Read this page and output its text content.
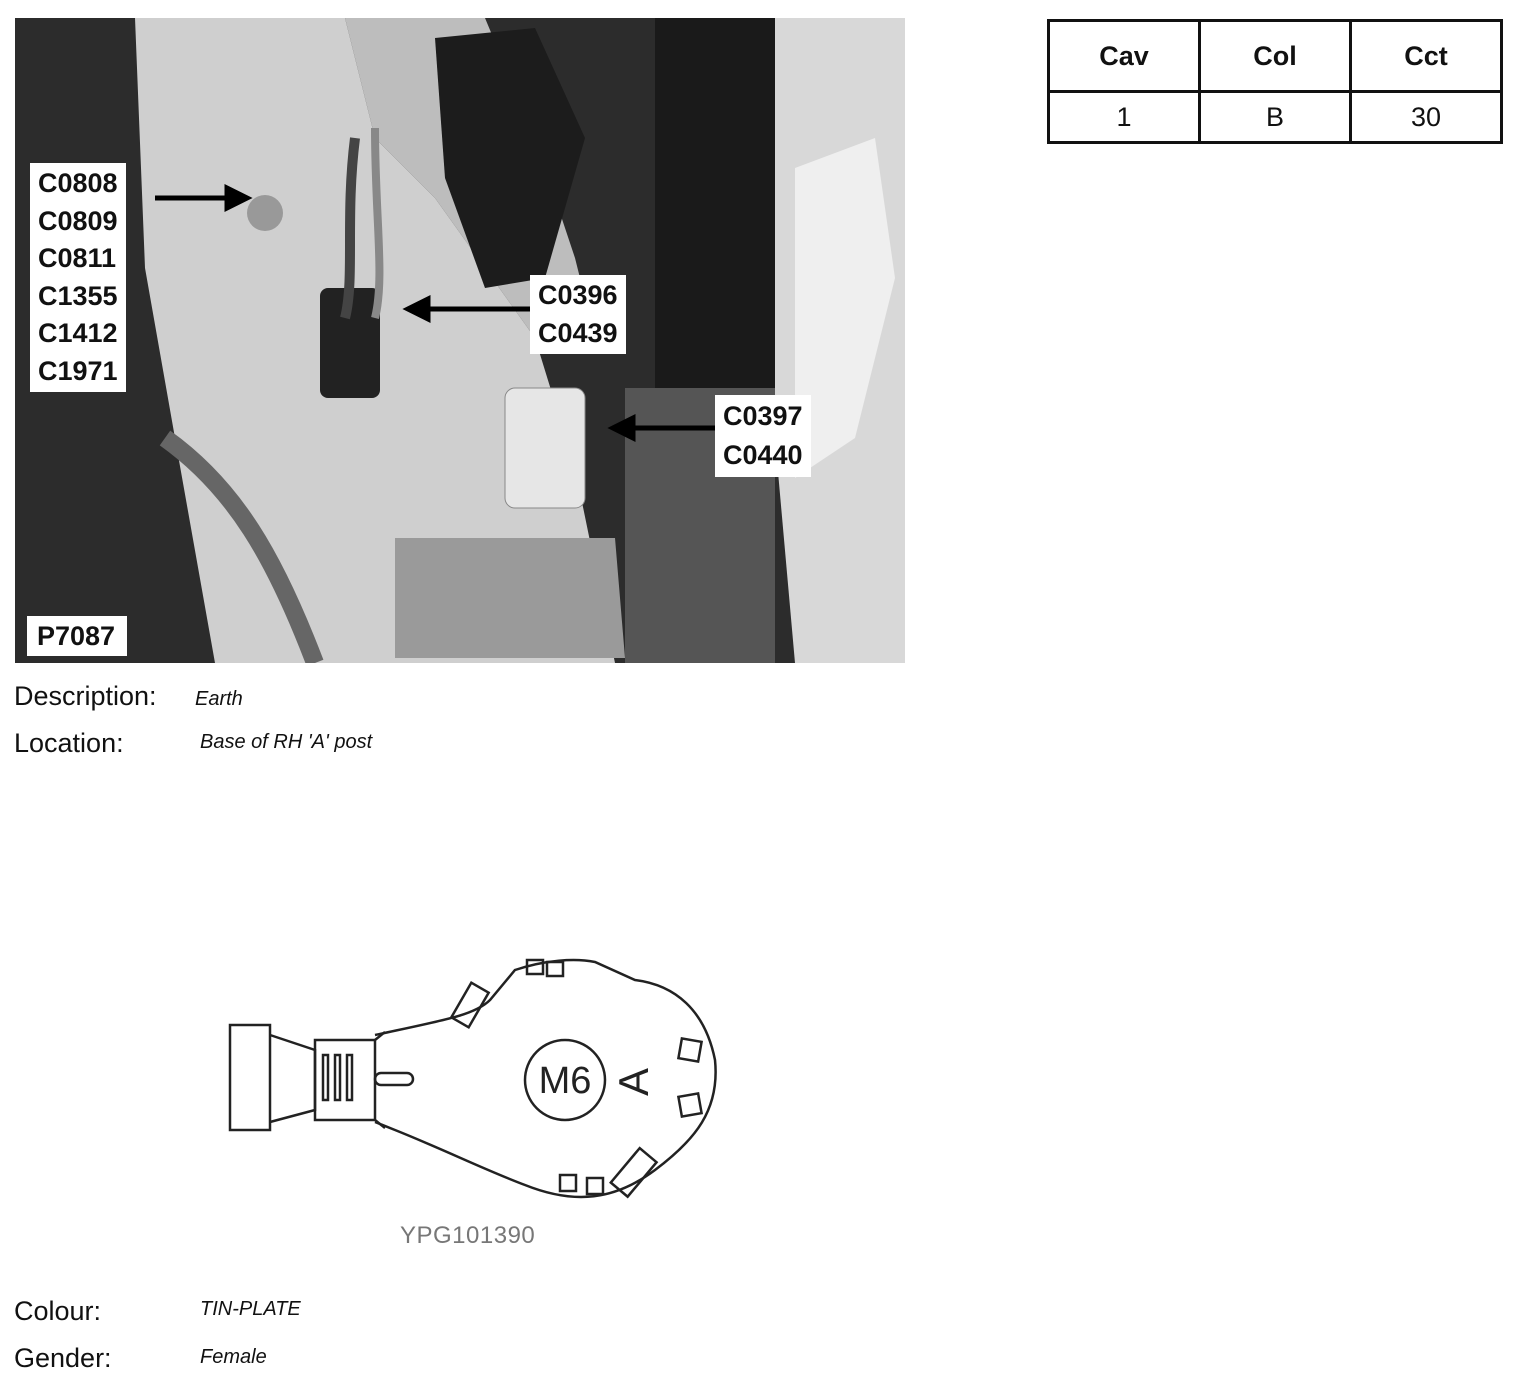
C0808
C0809
C0811
C1355
C1412
C1971
C0396
C0439
C0397
C0440
P7087
Cav	Col	Cct
1	B	30
Description: Earth
Location:	Base of RH 'A' post
M6 A
YPG101390
Colour:	TIN-PLATE
Gender:	Female
